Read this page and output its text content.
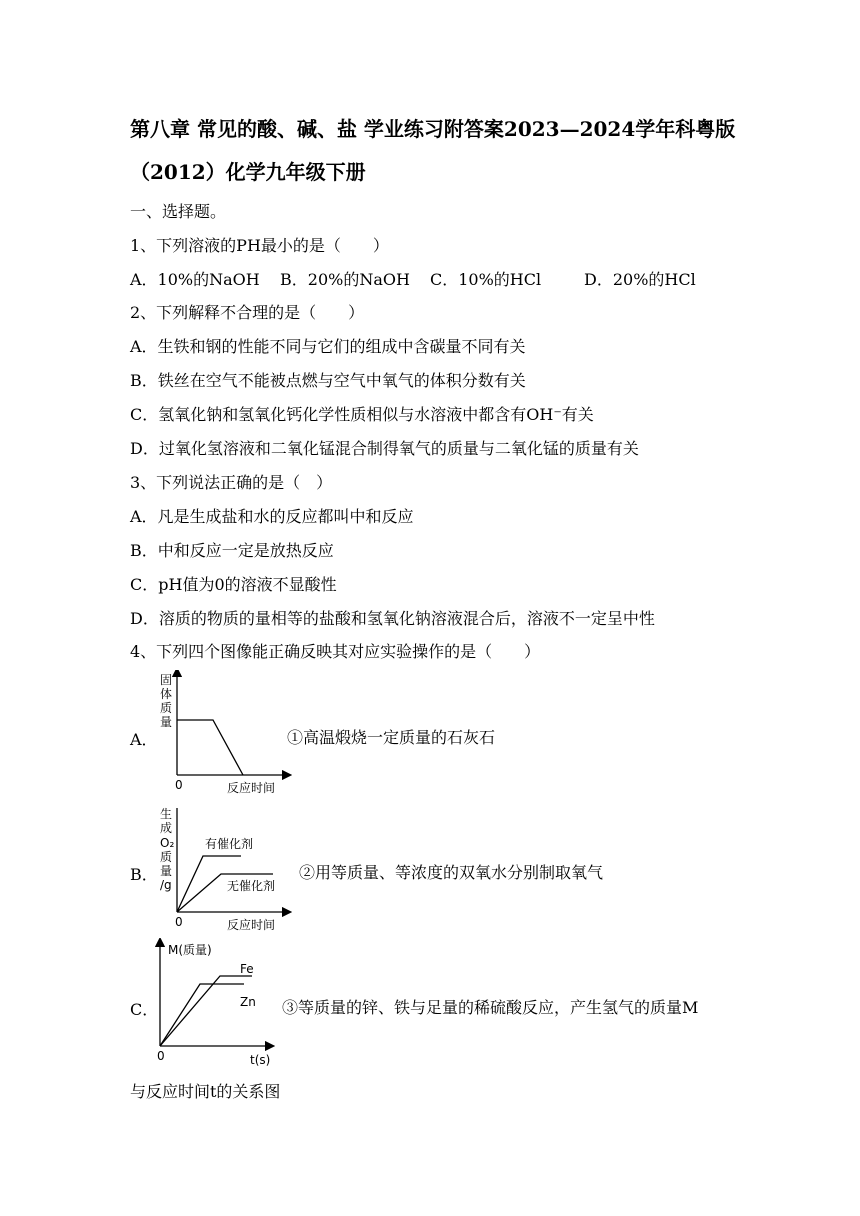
第八章 常见的酸、碱、盐 学业练习附答案2023—2024学年科粤版
（2012）化学九年级下册
一、选择题。
1、下列溶液的PH最小的是（　　）
A．10%的NaOH B．20%的NaOH C．10%的HCl	D．20%的HCl
2、下列解释不合理的是（　　）
A．生铁和钢的性能不同与它们的组成中含碳量不同有关
B．铁丝在空气不能被点燃与空气中氧气的体积分数有关
C．氢氧化钠和氢氧化钙化学性质相似与水溶液中都含有OH⁻有关
D．过氧化氢溶液和二氧化锰混合制得氧气的质量与二氧化锰的质量有关
3、下列说法正确的是（　）
A．凡是生成盐和水的反应都叫中和反应
B．中和反应一定是放热反应
C．pH值为0的溶液不显酸性
D．溶质的物质的量相等的盐酸和氢氧化钠溶液混合后，溶液不一定呈中性
4、下列四个图像能正确反映其对应实验操作的是（　　）
A．
固
体
质
量
0	反应时间
①高温煅烧一定质量的石灰石
B．
生
成
O₂
质
量
/g
有催化剂
无催化剂
0	反应时间
②用等质量、等浓度的双氧水分别制取氧气
C．
M(质量)
Fe
Zn
0	t(s)
③等质量的锌、铁与足量的稀硫酸反应，产生氢气的质量M
与反应时间t的关系图
